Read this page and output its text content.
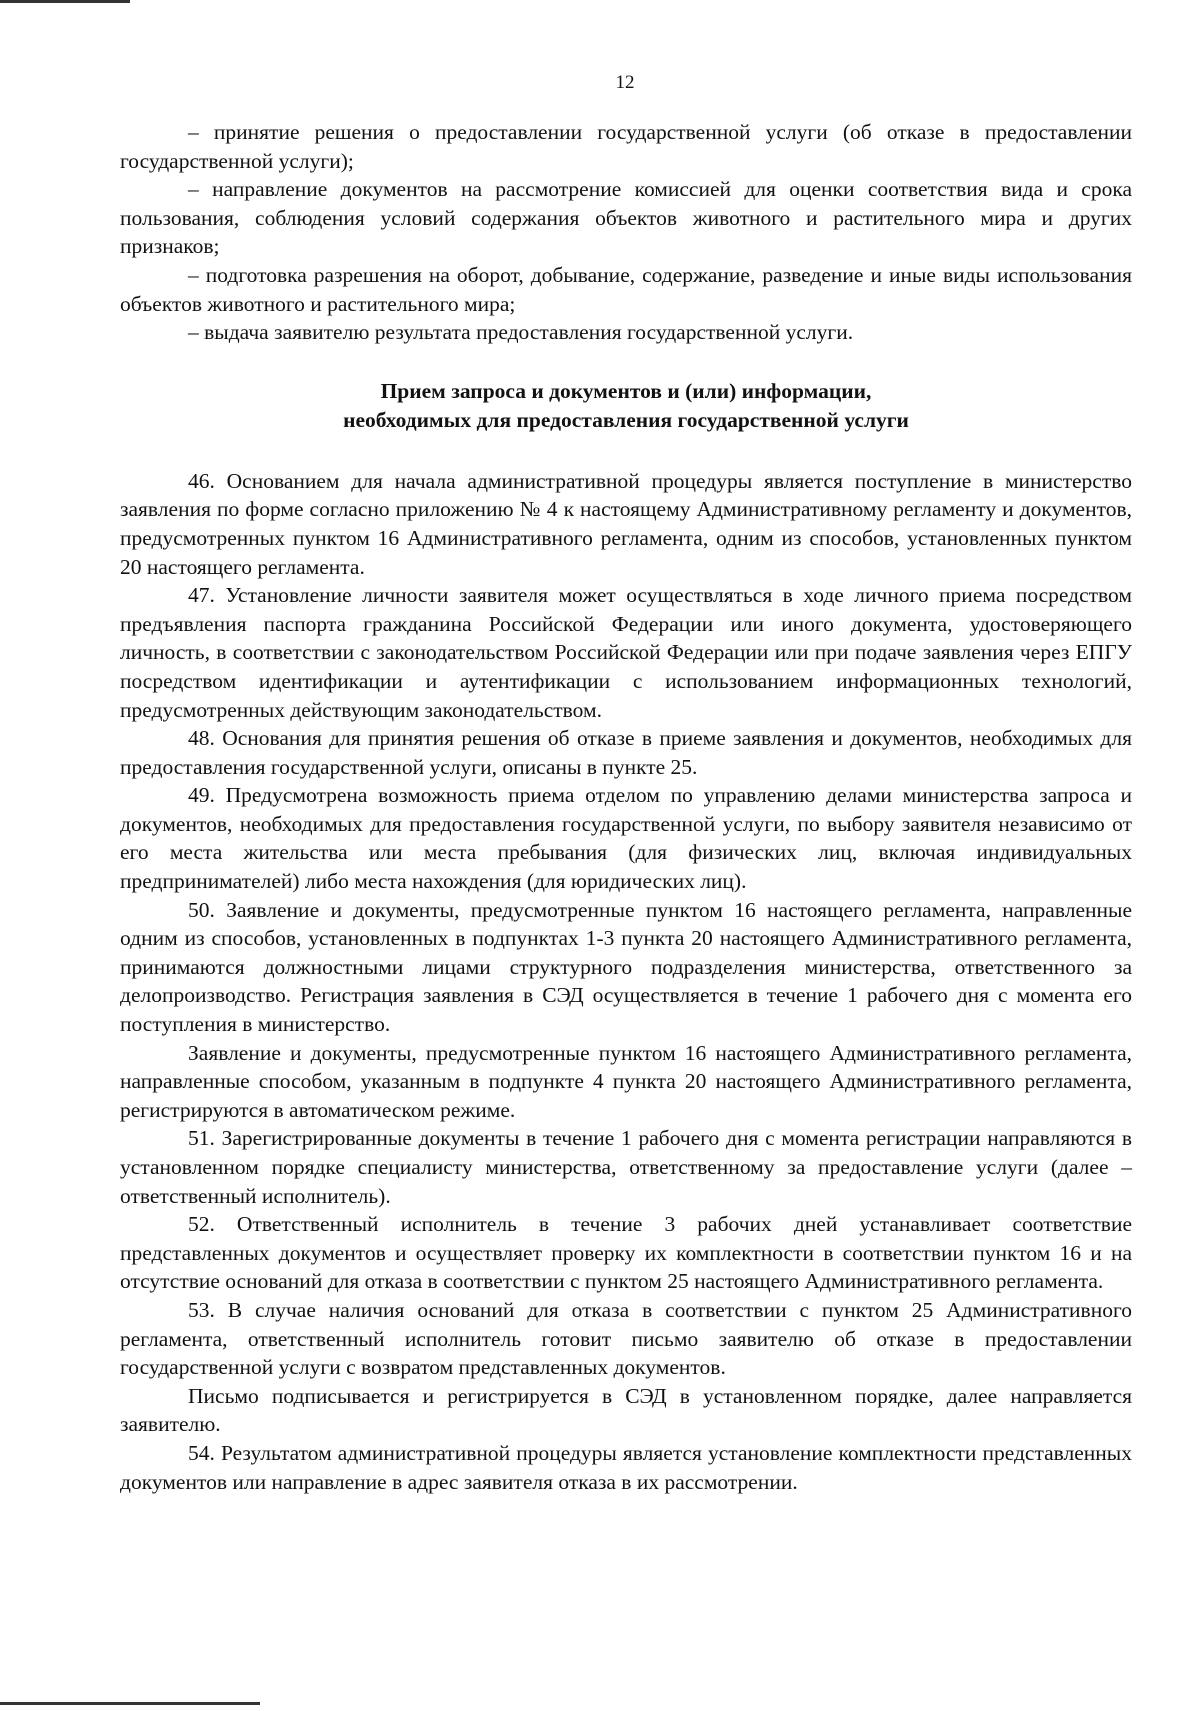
12

– принятие решения о предоставлении государственной услуги (об отказе в предоставлении государственной услуги);

– направление документов на рассмотрение комиссией для оценки соответствия вида и срока пользования, соблюдения условий содержания объектов животного и растительного мира и других признаков;

– подготовка разрешения на оборот, добывание, содержание, разведение и иные виды использования объектов животного и растительного мира;

– выдача заявителю результата предоставления государственной услуги.

Прием запроса и документов и (или) информации,
необходимых для предоставления государственной услуги

46. Основанием для начала административной процедуры является поступление в министерство заявления по форме согласно приложению № 4 к настоящему Административному регламенту и документов, предусмотренных пунктом 16 Административного регламента, одним из способов, установленных пунктом 20 настоящего регламента.

47. Установление личности заявителя может осуществляться в ходе личного приема посредством предъявления паспорта гражданина Российской Федерации или иного документа, удостоверяющего личность, в соответствии с законодательством Российской Федерации или при подаче заявления через ЕПГУ посредством идентификации и аутентификации с использованием информационных технологий, предусмотренных действующим законодательством.

48. Основания для принятия решения об отказе в приеме заявления и документов, необходимых для предоставления государственной услуги, описаны в пункте 25.

49. Предусмотрена возможность приема отделом по управлению делами министерства запроса и документов, необходимых для предоставления государственной услуги, по выбору заявителя независимо от его места жительства или места пребывания (для физических лиц, включая индивидуальных предпринимателей) либо места нахождения (для юридических лиц).

50. Заявление и документы, предусмотренные пунктом 16 настоящего регламента, направленные одним из способов, установленных в подпунктах 1-3 пункта 20 настоящего Административного регламента, принимаются должностными лицами структурного подразделения министерства, ответственного за делопроизводство. Регистрация заявления в СЭД осуществляется в течение 1 рабочего дня с момента его поступления в министерство.

Заявление и документы, предусмотренные пунктом 16 настоящего Административного регламента, направленные способом, указанным в подпункте 4 пункта 20 настоящего Административного регламента, регистрируются в автоматическом режиме.

51. Зарегистрированные документы в течение 1 рабочего дня с момента регистрации направляются в установленном порядке специалисту министерства, ответственному за предоставление услуги (далее – ответственный исполнитель).

52. Ответственный исполнитель в течение 3 рабочих дней устанавливает соответствие представленных документов и осуществляет проверку их комплектности в соответствии пунктом 16 и на отсутствие оснований для отказа в соответствии с пунктом 25 настоящего Административного регламента.

53. В случае наличия оснований для отказа в соответствии с пунктом 25 Административного регламента, ответственный исполнитель готовит письмо заявителю об отказе в предоставлении государственной услуги с возвратом представленных документов.

Письмо подписывается и регистрируется в СЭД в установленном порядке, далее направляется заявителю.

54. Результатом административной процедуры является установление комплектности представленных документов или направление в адрес заявителя отказа в их рассмотрении.
